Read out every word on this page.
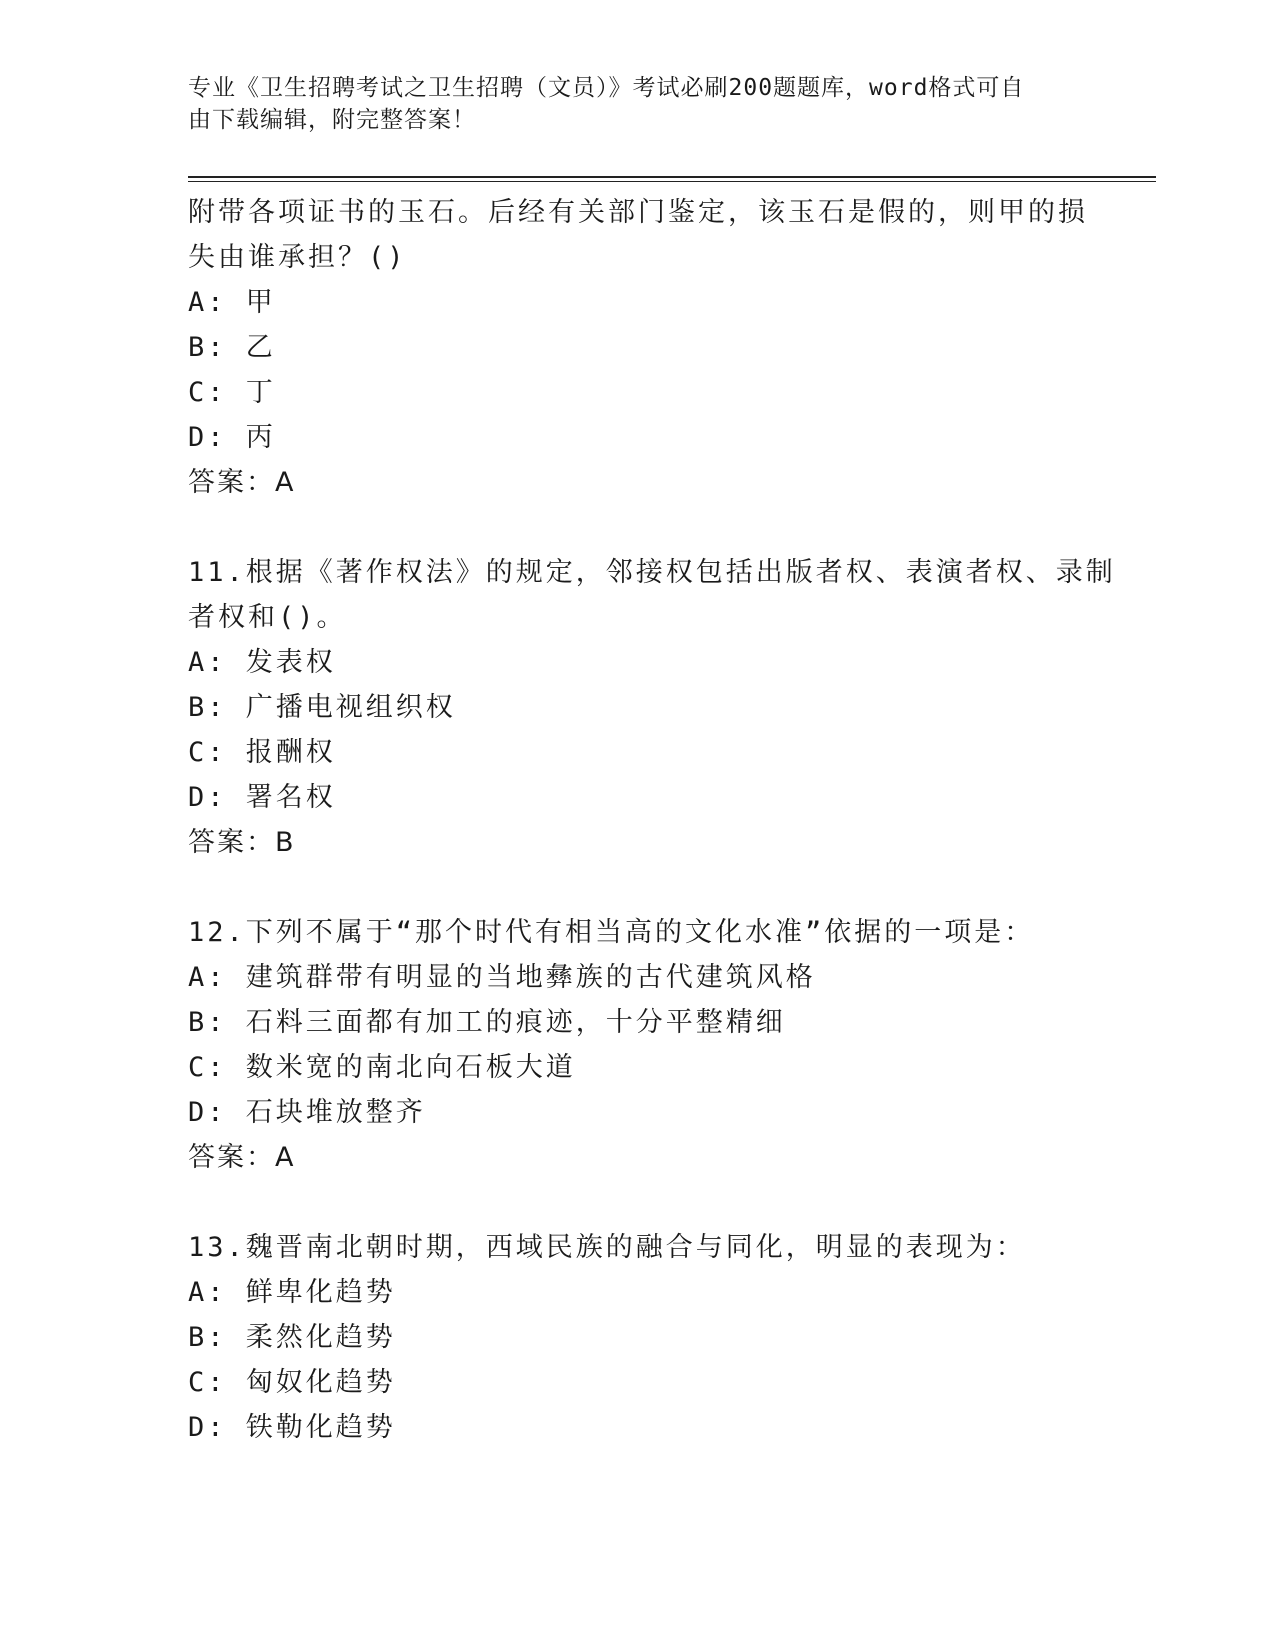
专业《卫生招聘考试之卫生招聘（文员）》考试必刷200题题库，word格式可自
由下载编辑，附完整答案！
附带各项证书的玉石。后经有关部门鉴定，该玉石是假的，则甲的损
失由谁承担？()
A: 甲
B: 乙
C: 丁
D: 丙
答案：A
11.根据《著作权法》的规定，邻接权包括出版者权、表演者权、录制
者权和()。
A: 发表权
B: 广播电视组织权
C: 报酬权
D: 署名权
答案：B
12.下列不属于“那个时代有相当高的文化水准”依据的一项是：
A: 建筑群带有明显的当地彝族的古代建筑风格
B: 石料三面都有加工的痕迹，十分平整精细
C: 数米宽的南北向石板大道
D: 石块堆放整齐
答案：A
13.魏晋南北朝时期，西域民族的融合与同化，明显的表现为：
A: 鲜卑化趋势
B: 柔然化趋势
C: 匈奴化趋势
D: 铁勒化趋势
